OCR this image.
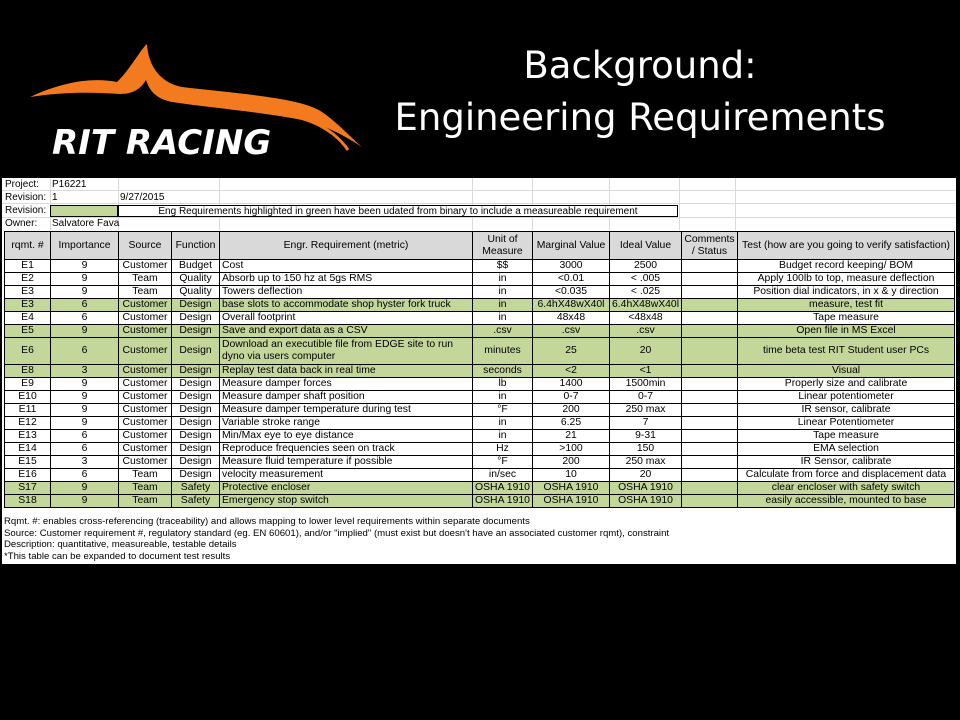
RIT RACING
Background:
Engineering Requirements
Project: P16221
Revision: 1	9/27/2015
Revision:
Owner: Salvatore Fava
Eng Requirements highlighted in green have been udated from binary to include a measureable requirement
rqmt. #	Importance	Source	Function	Engr. Requirement (metric)	Unit of Measure	Marginal Value	Ideal Value	Comments / Status	Test (how are you going to verify satisfaction)
E1	9	Customer	Budget	Cost	$$	3000	2500		Budget record keeping/ BOM
E2	9	Team	Quality	Absorb up to 150 hz at 5gs RMS	in	<0.01	< .005		Apply 100lb to top, measure deflection
E3	9	Team	Quality	Towers deflection	in	<0.035	< .025		Position dial indicators, in x & y direction
E3	6	Customer	Design	base slots to accommodate shop hyster fork truck	in	6.4hX48wX40l	6.4hX48wX40l		measure, test fit
E4	6	Customer	Design	Overall footprint	in	48x48	<48x48		Tape measure
E5	9	Customer	Design	Save and export data as a CSV	.csv	.csv	.csv		Open file in MS Excel
E6	6	Customer	Design	Download an executible file from EDGE site to run dyno via users computer	minutes	25	20		time beta test RIT Student user PCs
E8	3	Customer	Design	Replay test data back in real time	seconds	<2	<1		Visual
E9	9	Customer	Design	Measure damper forces	lb	1400	1500min		Properly size and calibrate
E10	9	Customer	Design	Measure damper shaft position	in	0-7	0-7		Linear potentiometer
E11	9	Customer	Design	Measure damper temperature during test	°F	200	250 max		IR sensor, calibrate
E12	9	Customer	Design	Variable stroke range	in	6.25	7		Linear Potentiometer
E13	6	Customer	Design	Min/Max eye to eye distance	in	21	9-31		Tape measure
E14	6	Customer	Design	Reproduce frequencies seen on track	Hz	>100	150		EMA selection
E15	3	Customer	Design	Measure fluid temperature if possible	°F	200	250 max		IR Sensor, calibrate
E16	6	Team	Design	velocity measurement	in/sec	10	20		Calculate from force and displacement data
S17	9	Team	Safety	Protective encloser	OSHA 1910	OSHA 1910	OSHA 1910		clear encloser with safety switch
S18	9	Team	Safety	Emergency stop switch	OSHA 1910	OSHA 1910	OSHA 1910		easily accessible, mounted to base
Rqmt. #: enables cross-referencing (traceability) and allows mapping to lower level requirements within separate documents
Source: Customer requirement #, regulatory standard (eg. EN 60601), and/or "implied" (must exist but doesn't have an associated customer rqmt), constraint
Description: quantitative, measureable, testable details
*This table can be expanded to document test results
